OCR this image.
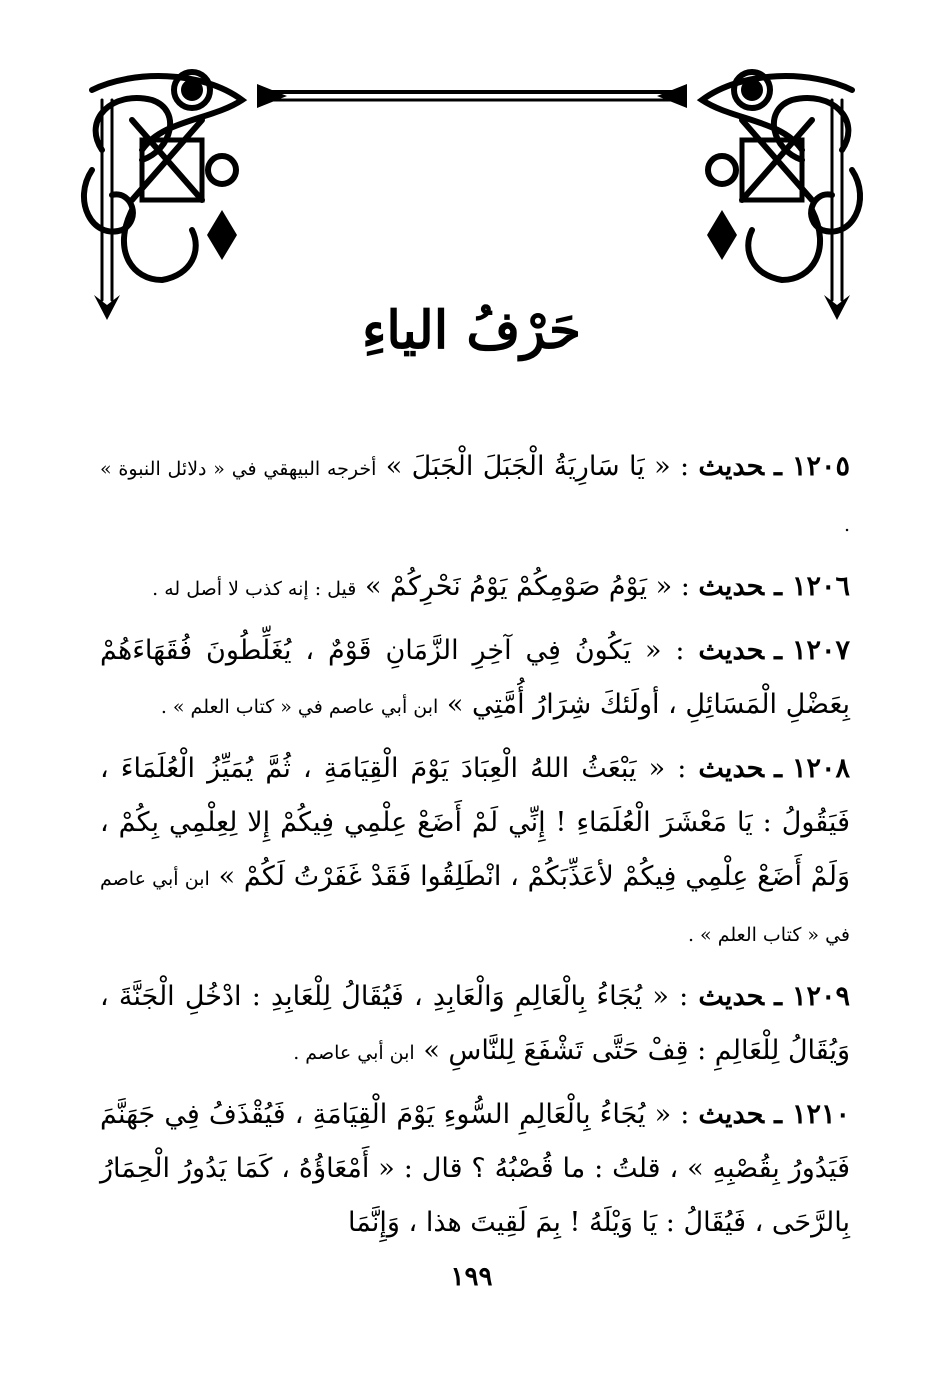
حَرْفُ الياءِ

١٢٠٥ـحديث : « يَا سَارِيَةُ الْجَبَلَ الْجَبَلَ » أخرجه البيهقي في « دلائل النبوة » .

١٢٠٦ـحديث : « يَوْمُ صَوْمِكُمْ يَوْمُ نَحْرِكُمْ » قيل : إنه كذب لا أصل له .

١٢٠٧ـحديث : « يَكُونُ فِي آخِرِ الزَّمَانِ قَوْمٌ ، يُغَلِّطُونَ فُقَهَاءَهُمْ بِعَضْلِ الْمَسَائِلِ ، أولَئكَ شِرَارُ أُمَّتِي » ابن أبي عاصم في « كتاب العلم » .

١٢٠٨ـحديث : « يَبْعَثُ اللهُ الْعِبَادَ يَوْمَ الْقِيَامَةِ ، ثُمَّ يُمَيِّزُ الْعُلَمَاءَ ، فَيَقُولُ : يَا مَعْشَرَ الْعُلَمَاءِ ! إِنِّي لَمْ أَضَعْ عِلْمِي فِيكُمْ إِلا لِعِلْمِي بِكُمْ ، وَلَمْ أَضَعْ عِلْمِي فِيكُمْ لأعَذِّبَكُمْ ، انْطَلِقُوا فَقَدْ غَفَرْتُ لَكُمْ » ابن أبي عاصم في « كتاب العلم » .

١٢٠٩ـحديث : « يُجَاءُ بِالْعَالِمِ وَالْعَابِدِ ، فَيُقَالُ لِلْعَابِدِ : ادْخُلِ الْجَنَّةَ ، وَيُقَالُ لِلْعَالِمِ : قِفْ حَتَّى تَشْفَعَ لِلنَّاسِ » ابن أبي عاصم .

١٢١٠ـحديث : « يُجَاءُ بِالْعَالِمِ السُّوءِ يَوْمَ الْقِيَامَةِ ، فَيُقْذَفُ فِي جَهَنَّمَ فَيَدُورُ بِقُصْبِهِ » ، قلتُ : ما قُصْبُهُ ؟ قال : « أَمْعَاؤُهُ ، كَمَا يَدُورُ الْحِمَارُ بِالرَّحَى ، فَيُقَالُ : يَا وَيْلَهُ ! بِمَ لَقِيتَ هذا ، وَإِنَّمَا

١٩٩
